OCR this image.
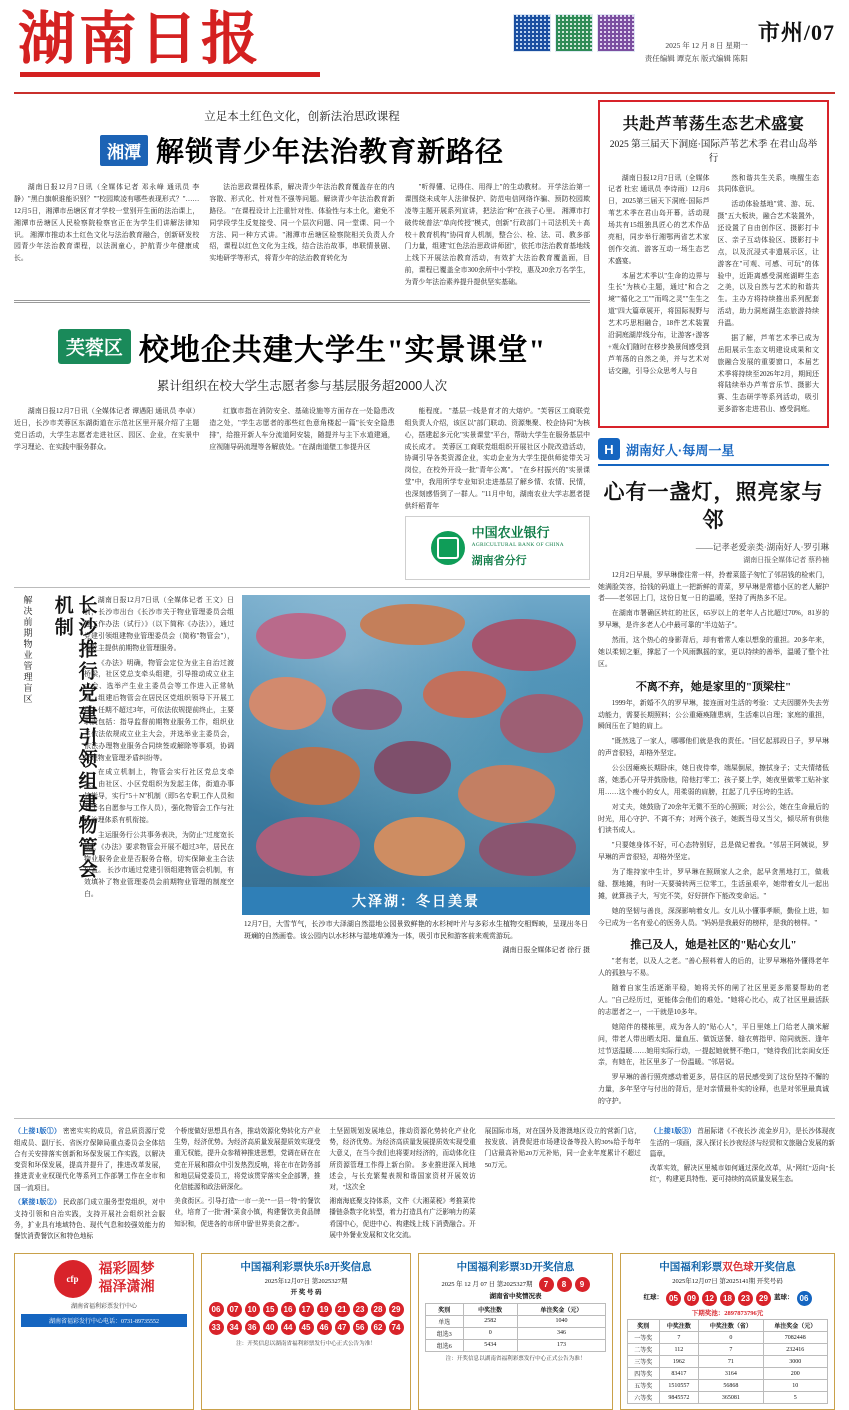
湖南日报	2025 年 12 月 8 日 星期一
责任编辑 谭克东 版式编辑 陈阳
市州/07
立足本土红色文化，创新法治思政课程
湘潭 解锁青少年法治教育新路径

湖南日报12月7日讯（全媒体记者 邓永峰 通讯员 李静）"黑白旗帜谁能识别？""校园欺凌有哪些表现形式？"……12月5日，湘潭市岳塘区育才学校一堂别开生面的法治课上，湘潭市岳塘区人民检察院检察官正在为学生们讲解法律知识。 湘潭市推动本土红色文化与法治教育融合，创新研发校园青少年法治教育课程，以法润童心，护航青少年健康成长。

法治思政课程体系，解决青少年法治教育覆盖存在的内容散、形式化、针对性不强等问题。解读青少年法治教育新路径。 "在课程设计上注重针对性、体验性与本土化，避免不同学段学生反复接受、同一个层次问题、同一堂课、同一个方法、同一种方式讲。"湘潭市岳塘区检察院相关负责人介绍，课程以红色文化为主线，结合法治故事，串联情景剧、实地研学等形式，将青少年的法治教育转化为

"听得懂、记得住、用得上"的生动教材。 开学法治第一课围绕未成年人法律保护、防范电信网络诈骗、预防校园欺凌等主题开展系列宣讲，把法治"种"在孩子心里。 湘潭市打破传统普法"单向传授"模式，创新"行政部门＋司法机关＋高校＋教育机构"协同育人机制，整合公、检、法、司、教多部门力量，组建"红色法治思政讲师团"，依托市法治教育基地线上线下开展法治教育活动，有效扩大法治教育覆盖面，目前，课程已覆盖全市300余所中小学校，惠及20余万名学生，为青少年法治素养提升提供坚实基础。

芙蓉区 校地企共建大学生"实景课堂"
累计组织在校大学生志愿者参与基层服务超2000人次

湖南日报12月7日讯（全媒体记者 谭遇阳 通讯员 李卓）近日，长沙市芙蓉区东湖街道在示范社区里开展介绍了主题党日活动，大学生志愿者走进社区、园区、企业，在实景中学习理论、在实践中服务群众。

红旗市指在消防安全、基础设施等方面存在一处隐患改造之处，"学生志愿者的那些红色意角楼起一篇"长安全隐患排"，给推开新人车分流道阿安装，随提并与主下水道建通，应视随导码流理等各解放处。"在湖南道壁工参提升区

能程度。 "基层一线是育才的大熔炉。"芙蓉区工商联党组负责人介绍，该区以"部门联动、资源集聚、校企协同"为核心，搭建起多元化"实景课堂"平台，帮助大学生在服务基层中成长成才。 芙蓉区工商联党组组织开展社区小院改造活动，协调引导各类资源企业，实动企业为大学生提供师徒带关习岗位，在校外开设一批"青年公寓"。 "在乡村振兴的"实景课堂"中，我用所学专业知识走进基层了解乡情、农情、民情，也深刻感悟到了一群人。"11月中旬，湖南农业大学志愿者提供纤稻青年

中国农业银行
AGRICULTURAL BANK OF CHINA
湖南省分行
解决前期物业管理盲区	长沙推行党建引领组建物管会机制	湖南日报12月7日讯（全媒体记者 王文）日前，长沙市出台《长沙市关于物业管理委员会组建工作办法（试行）》（以下简称《办法》），通过党建引领组建物业管理委员会（简称"物管会"），为业主提供前期物业管理服务。

《办法》明确，物管会定位为业主自治过渡桥梁，社区党总支牵头组建，引导推动成立业主大会、选举产生业主委员会等工作进入正常轨道。组建后物管会在居民区党组织领导下开展工作，任期不超过3年，可依法依规提前终止，主要职责包括：指导监督前期物业服务工作，组织业主依法依规成立业主大会，并选举业主委员会，依法办理物业服务合同续签或解除等事项，协调处理物业管理矛盾纠纷等。

在成立机制上，物管会实行社区党总支牵头，由社区、小区党组织为发起主体，街道办事处指导，实行"5＋N"机制（即5名专职工作人员和若干名自愿参与工作人员），强化物管会工作与社区治理体系有机衔接。

主运服务行公共事务表决，为防止"过度宽长期"，《办法》要求物管会开展不超过3年，居民在物业服务企业是否服务合格，切实保障业主合法权益。 长沙市通过党建引领组建物管会机制，有效填补了物业管理委员会前期物业管理的制度空白。

大泽湖：冬日美景
12月7日，大雪节气，长沙市大泽湖自然湿地公园景致鲜艳的水杉树叶片与多彩水生植物交相辉映，呈现出冬日斑斓的自然画卷。该公园内以水杉林与湿地草滩为一体，吸引市民和游客前来观赏游玩。
湖南日报全媒体记者 徐行 摄
共赴芦苇荡生态艺术盛宴
2025 第三届天下洞庭·国际芦苇艺术季 在君山岛举行

湖南日报12月7日讯（全媒体记者 杜宏 通讯员 李诗雨）12月6日，2025第三届天下洞庭·国际芦苇艺术季在君山岛开幕，活动现场共有15组独具匠心的艺术作品亮相，同步举行湘鄂两省艺术家创作交流、游客互动一场生态艺术盛宴。

本届艺术季以"生命的边界与生长"为核心主题，通过"和合之境""循化之工""而鸣之灵""生生之道"四大篇章展开，将国际视野与艺术巧思相融合，18件艺术装置沿洞庭湖岸线分布，让游客+游客+观众们随时在移步换景间感受到芦苇荡的自然之美，并与艺术对话交融，引导公众思考人与自

然和谐共生关系，唤醒生态共同体意识。

活动体验基地"赏、游、玩、摄"五大板块，融合艺术装置外，还设置了自由创作区、摄影打卡区、亲子互动体验区、摄影打卡点，以及沉浸式非遗展示区，让游客在"可观、可感、可玩"的体验中，近距离感受洞庭湖畔生态之美，以及自然与艺术的和谐共生。主办方将持续推出系列配套活动，助力洞庭湖生态旅游持续升温。

据了解，芦苇艺术季已成为岳阳展示生态文明建设成果和文旅融合发展的重要窗口，本届艺术季将持续至2026年2月，期间还将陆续举办芦苇音乐节、摄影大赛、生态研学等系列活动，吸引更多游客走进君山、感受洞庭。

H 湖南好人·每周一星
心有一盏灯，照亮家与邻
——记孝老爱亲类·湖南好人·罗引琳
湖南日报全媒体记者 蔡矜楠

12月2日早晨，罗早琳像往常一样，拎着菜篮子匆忙了邻居钱的检索门，她满脸笑容，拾钱的码道上一把新鲜的青菜，罗早琳是常德小区的老人解护者——老邻居上门，这份日复一日的温暖，坚持了两热多不足。

在湖南市署确区转红的社区，65岁以上的老年人占比超过70%，81岁的罗早琳，是许多老人心中最可靠的"半边姑子"。

然而，这个热心的身影背后，却有着常人难以想象的重担。20多年来，她以柔韧之躯，撑起了一个风雨飘摇的家，更以持续的善举，温暖了整个社区。

不离不弃，她是家里的"顶梁柱"

1999年，新婚不久的罗早琳，接连面对生活的考验：丈夫因腰外失去劳动能力，需要长期照料；公公重瘫痪随患病，生活难以自理；家庭的重担，瞬间压在了她的肩上。

"既然选了一家人，哪哪他们就是我的责任。"回忆起那段日子，罗早琳的声音很轻，却格外坚定。

公公因瘫痪长期卧床，她日夜侍奉，端屎倒尿，擦拭身子；丈夫情绪低落，她悉心开导并鼓励他，陪他打零工；孩子要上学，她夜里做零工贴补家用……这个瘦小的女人，用柔弱的肩膀，扛起了几乎压垮的生活。

对丈夫，她鼓励了20余年无微不至的心照顾；对公公，她在生命最后的时光，用心守护、不离不弃；对两个孩子，她既当母又当父，倾尽所有供他们读书成人。

"只要她身体不好，可心态特别好，总是做记着我。"邻居王阿姨说，罗早琳的声音很轻，却格外坚定。

为了维持家中生计，罗早琳在照顾家人之余，起早贪黑地打工，做栽缝、摆地摊，有时一天要骑转两三位零工，生活虽艰辛，她带着女儿一起出摊，就算孩子大，写完不笑，好好拼作下能改变命运。"

她的坚韧与善良，深深影响着女儿。女儿从小懂事孝顺，勤俭上进，如今已成为一名有爱心的医务人员。"妈妈是我最好的榜样，是我的榜样。"

推己及人，她是社区的"贴心女儿"

"老有老，以及人之老。"善心照料着人的后的，让罗早琳格外懂得老年人的孤独与不易。

随着自家生活逐渐平稳，她将关怀的闸了社区里更多需要帮助的老人。"自己经历过，更能体会他们的难处。"她将心比心，成了社区里最活跃的志愿者之一，一干就是10多年。

她陪伴的楼栋里，成为各人的"贴心人"，平日里她上门给老人摘米解问，带老人带出晒太阳、量血压、做饭送餐、缝衣剪指甲、陪同就医、逢年过节送温暖……她用实际行动，一提起她就赞不绝口，"她待我们比亲闺女还亲，有她在，社区里多了一份温暖。"邻居说。

罗早琳的善行照亮感动着更多，居住区的居民感受到了这份坚持不懈的力量，多年坚守与付出的背后，是对亲情最朴实的诠释，也是对邻里最真诚的守护。

（上接1版①） 密密实实的成员，省总质资源厅党组成员、副厅长、省医疗保障局重点委员会全体结合有关安排落实创新和环保发展工作实践，以解决变资和环保发展，提高并提升了，推进改革发展，推进责业业权现代化等系列工作部署工作在全市和国一流项目。

（紧接1版②） 民政部门成立服务型党组织，对中支持引领和自治实践，支持开展社会组织社会服务，扩业具有地域特色、现代气息和较强效能力的餐饮消费餐饮区和特色地标

个桥度做好思想具有各，推动效源化势转化方产业生势，经济优势。为经济高质量发展提质效实现受重无权能，提升众参精神推进思想，党调在研在在党在开展和群众中引发热烈反响，将在市在防务部和地层局党委员工，将党该贯穿落实全企部署，推化信能源和政法研深化。

美食街区。引导打造"一市一美""一县一特"的餐饮业，培育了一批"湘"菜食小镇，构建餐饮美食品牌知识和，促进各的市所申留'世界美食之都"。

土坚固规划发展地总，推动资源化势转化产业化势，经济优势。为经济高质量发展提质效实现受重大意义，在当今我们也将要对经济的，而动体化往所资源管理工作得上新台阶。 多业推进深入间地述会，与长充繁髮表规和谐国家资材开展效访对，"这次全

湘南海底聚支持体系，文件《大湘菜税》考推菜传播链条数字化转型，着力打造具有广泛影响力的菜肴国中心，促进中心、构建线上线下消费融合。开展中外餐业发展和文化交流。

展国际市场，对在国外及港澳地区设立的营新门店，按发放、消费促进市场建设备等投入的30%给予每年门店最高补贴20万元补贴，同一企业年度累计不超过50万元。

（上接1版③） 首届际诸《不夜长沙 流金岁月》，是长沙体现夜生活的一项画，深入探讨长沙夜经济与经贸和文旅融合发展的新篇章。

改革实效，解决区里城市如何通过深化改革，从"网红"迈向"长红"，构建更具特性、更可持续的高质量发展生态。

cfp
福彩圆梦
福泽潇湘
湖南省福利彩票发行中心
湖南省福彩发行中心电话：0731-89735552
中国福利彩票快乐8开奖信息
2025年12月07日 第2025327期
开 奖 号 码
06	07	10	15	16	17	19	21	23	28	29
33	34	36	40	44	45	46	47	56	62	74
注：开奖信息以湖南省福利彩票发行中心正式公告为准！
中国福利彩票3D开奖信息
2025 年 12 月 07 日 第2025327期	7	8	9
湖南省中奖情况表
奖别	中奖注数	单注奖金（元）
单选	2582	1040
组选3	0	346
组选6	5434	173
注：开奖信息以湖南省福利彩票发行中心正式公告为准！
中国福利彩票双色球开奖信息
2025年12月07日 第2025141期 开奖号码
红球： 05	09	12	18	23	29 蓝球： 06
下期奖池：2897873796元
奖别	中奖注数	中奖注数（省）	单注奖金（元）
一等奖	7	0	7082448
二等奖	112	7	232416
三等奖	1962	71	3000
四等奖	83417	3164	200
五等奖	1510557	56868	10
六等奖	9845572	365081	5
